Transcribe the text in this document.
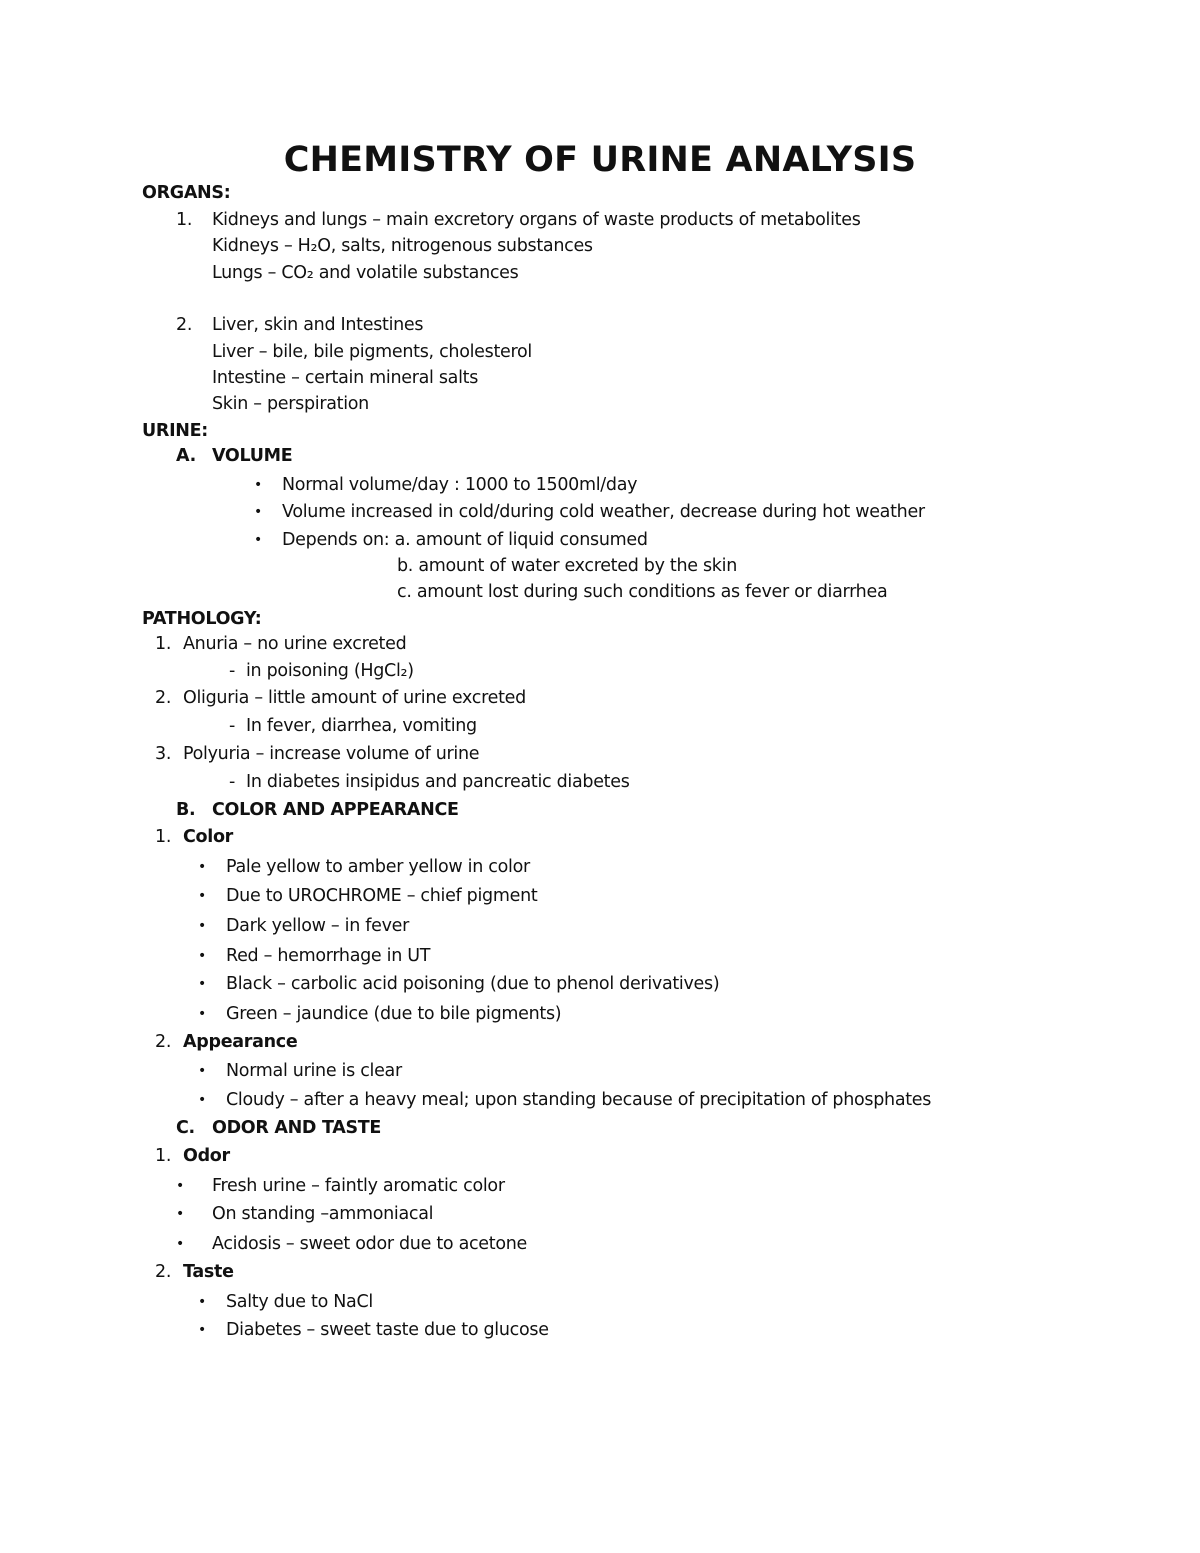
CHEMISTRY OF URINE ANALYSIS
ORGANS:
1. Kidneys and lungs – main excretory organs of waste products of metabolites
Kidneys – H₂O, salts, nitrogenous substances
Lungs – CO₂ and volatile substances
2. Liver, skin and Intestines
Liver – bile, bile pigments, cholesterol
Intestine – certain mineral salts
Skin – perspiration
URINE:
A. VOLUME
• Normal volume/day : 1000 to 1500ml/day
• Volume increased in cold/during cold weather, decrease during hot weather
• Depends on: a. amount of liquid consumed
b. amount of water excreted by the skin
c. amount lost during such conditions as fever or diarrhea
PATHOLOGY:
1. Anuria – no urine excreted
- in poisoning (HgCl₂)
2. Oliguria – little amount of urine excreted
- In fever, diarrhea, vomiting
3. Polyuria – increase volume of urine
- In diabetes insipidus and pancreatic diabetes
B. COLOR AND APPEARANCE
1. Color
• Pale yellow to amber yellow in color
• Due to UROCHROME – chief pigment
• Dark yellow – in fever
• Red – hemorrhage in UT
• Black – carbolic acid poisoning (due to phenol derivatives)
• Green – jaundice (due to bile pigments)
2. Appearance
• Normal urine is clear
• Cloudy – after a heavy meal; upon standing because of precipitation of phosphates
C. ODOR AND TASTE
1. Odor
• Fresh urine – faintly aromatic color
• On standing –ammoniacal
• Acidosis – sweet odor due to acetone
2. Taste
• Salty due to NaCl
• Diabetes – sweet taste due to glucose
